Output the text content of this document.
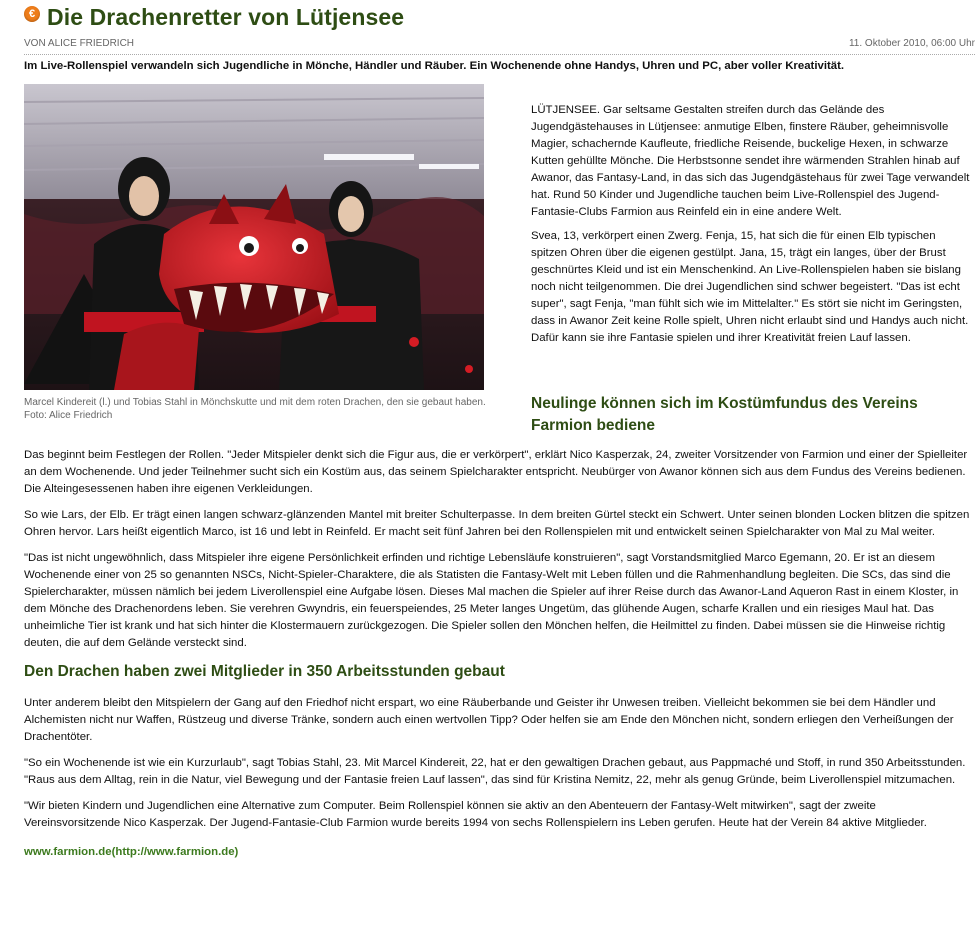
€ Die Drachenretter von Lütjensee
VON ALICE FRIEDRICH	11. Oktober 2010, 06:00 Uhr
Im Live-Rollenspiel verwandeln sich Jugendliche in Mönche, Händler und Räuber. Ein Wochenende ohne Handys, Uhren und PC, aber voller Kreativität.
Marcel Kindereit (l.) und Tobias Stahl in Mönchskutte und mit dem roten Drachen, den sie gebaut haben.
Foto: Alice Friedrich

LÜTJENSEE. Gar seltsame Gestalten streifen durch das Gelände des Jugendgästehauses in Lütjensee: anmutige Elben, finstere Räuber, geheimnisvolle Magier, schachernde Kaufleute, friedliche Reisende, buckelige Hexen, in schwarze Kutten gehüllte Mönche. Die Herbstsonne sendet ihre wärmenden Strahlen hinab auf Awanor, das Fantasy-Land, in das sich das Jugendgästehaus für zwei Tage verwandelt hat. Rund 50 Kinder und Jugendliche tauchen beim Live-Rollenspiel des Jugend-Fantasie-Clubs Farmion aus Reinfeld ein in eine andere Welt.

Svea, 13, verkörpert einen Zwerg. Fenja, 15, hat sich die für einen Elb typischen spitzen Ohren über die eigenen gestülpt. Jana, 15, trägt ein langes, über der Brust geschnürtes Kleid und ist ein Menschenkind. An Live-Rollenspielen haben sie bislang noch nicht teilgenommen. Die drei Jugendlichen sind schwer begeistert. "Das ist echt super", sagt Fenja, "man fühlt sich wie im Mittelalter." Es stört sie nicht im Geringsten, dass in Awanor Zeit keine Rolle spielt, Uhren nicht erlaubt sind und Handys auch nicht. Dafür kann sie ihre Fantasie spielen und ihrer Kreativität freien Lauf lassen.

Neulinge können sich im Kostümfundus des Vereins Farmion bediene

Das beginnt beim Festlegen der Rollen. "Jeder Mitspieler denkt sich die Figur aus, die er verkörpert", erklärt Nico Kasperzak, 24, zweiter Vorsitzender von Farmion und einer der Spielleiter an dem Wochenende. Und jeder Teilnehmer sucht sich ein Kostüm aus, das seinem Spielcharakter entspricht. Neubürger von Awanor können sich aus dem Fundus des Vereins bedienen. Die Alteingesessenen haben ihre eigenen Verkleidungen.

So wie Lars, der Elb. Er trägt einen langen schwarz-glänzenden Mantel mit breiter Schulterpasse. In dem breiten Gürtel steckt ein Schwert. Unter seinen blonden Locken blitzen die spitzen Ohren hervor. Lars heißt eigentlich Marco, ist 16 und lebt in Reinfeld. Er macht seit fünf Jahren bei den Rollenspielen mit und entwickelt seinen Spielcharakter von Mal zu Mal weiter.

"Das ist nicht ungewöhnlich, dass Mitspieler ihre eigene Persönlichkeit erfinden und richtige Lebensläufe konstruieren", sagt Vorstandsmitglied Marco Egemann, 20. Er ist an diesem Wochenende einer von 25 so genannten NSCs, Nicht-Spieler-Charaktere, die als Statisten die Fantasy-Welt mit Leben füllen und die Rahmenhandlung begleiten. Die SCs, das sind die Spielercharakter, müssen nämlich bei jedem Liverollenspiel eine Aufgabe lösen. Dieses Mal machen die Spieler auf ihrer Reise durch das Awanor-Land Aqueron Rast in einem Kloster, in dem Mönche des Drachenordens leben. Sie verehren Gwyndris, ein feuerspeiendes, 25 Meter langes Ungetüm, das glühende Augen, scharfe Krallen und ein riesiges Maul hat. Das unheimliche Tier ist krank und hat sich hinter die Klostermauern zurückgezogen. Die Spieler sollen den Mönchen helfen, die Heilmittel zu finden. Dabei müssen sie die Hinweise richtig deuten, die auf dem Gelände versteckt sind.

Den Drachen haben zwei Mitglieder in 350 Arbeitsstunden gebaut

Unter anderem bleibt den Mitspielern der Gang auf den Friedhof nicht erspart, wo eine Räuberbande und Geister ihr Unwesen treiben. Vielleicht bekommen sie bei dem Händler und Alchemisten nicht nur Waffen, Rüstzeug und diverse Tränke, sondern auch einen wertvollen Tipp? Oder helfen sie am Ende den Mönchen nicht, sondern erliegen den Verheißungen der Drachentöter.

"So ein Wochenende ist wie ein Kurzurlaub", sagt Tobias Stahl, 23. Mit Marcel Kindereit, 22, hat er den gewaltigen Drachen gebaut, aus Pappmaché und Stoff, in rund 350 Arbeitsstunden. "Raus aus dem Alltag, rein in die Natur, viel Bewegung und der Fantasie freien Lauf lassen", das sind für Kristina Nemitz, 22, mehr als genug Gründe, beim Liverollenspiel mitzumachen.

"Wir bieten Kindern und Jugendlichen eine Alternative zum Computer. Beim Rollenspiel können sie aktiv an den Abenteuern der Fantasy-Welt mitwirken", sagt der zweite Vereinsvorsitzende Nico Kasperzak. Der Jugend-Fantasie-Club Farmion wurde bereits 1994 von sechs Rollenspielern ins Leben gerufen. Heute hat der Verein 84 aktive Mitglieder.

www.farmion.de(http://www.farmion.de)
